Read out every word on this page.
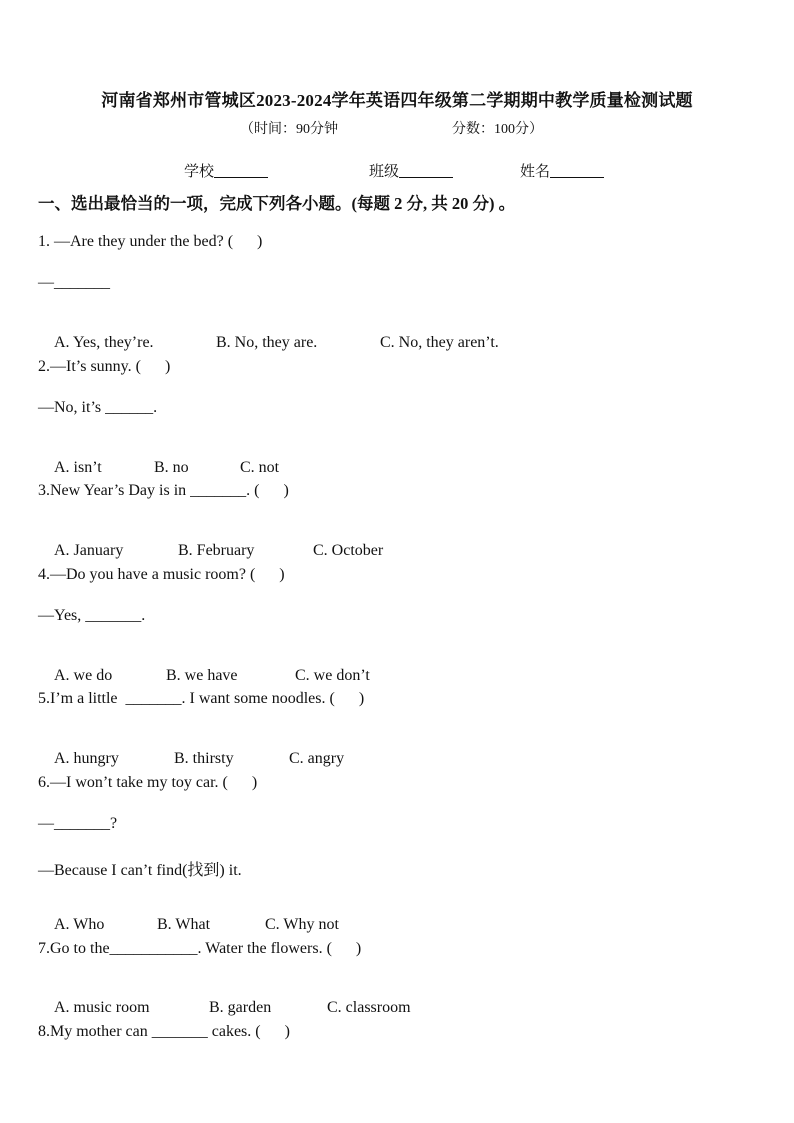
河南省郑州市管城区2023-2024学年英语四年级第二学期期中教学质量检测试题
（时间：90分钟	分数：100分）
学校	班级	姓名
一、选出最恰当的一项，完成下列各小题。(每题 2 分, 共 20 分) 。
1. —Are they under the bed? (      )
—_______

A. Yes, they’re.	B. No, they are.	C. No, they aren’t.

2.—It’s sunny. (      )
—No, it’s ______.

A. isn’t	B. no	C. not

3.New Year’s Day is in _______. (      )

A. January	B. February	C. October

4.—Do you have a music room? (      )
—Yes, _______.

A. we do	B. we have	C. we don’t

5.I’m a little  _______. I want some noodles. (      )

A. hungry	B. thirsty	C. angry

6.—I won’t take my toy car. (      )
—_______?
—Because I can’t find(找到) it.

A. Who	B. What	C. Why not

7.Go to the___________. Water the flowers. (      )

A. music room	B. garden	C. classroom

8.My mother can _______ cakes. (      )
